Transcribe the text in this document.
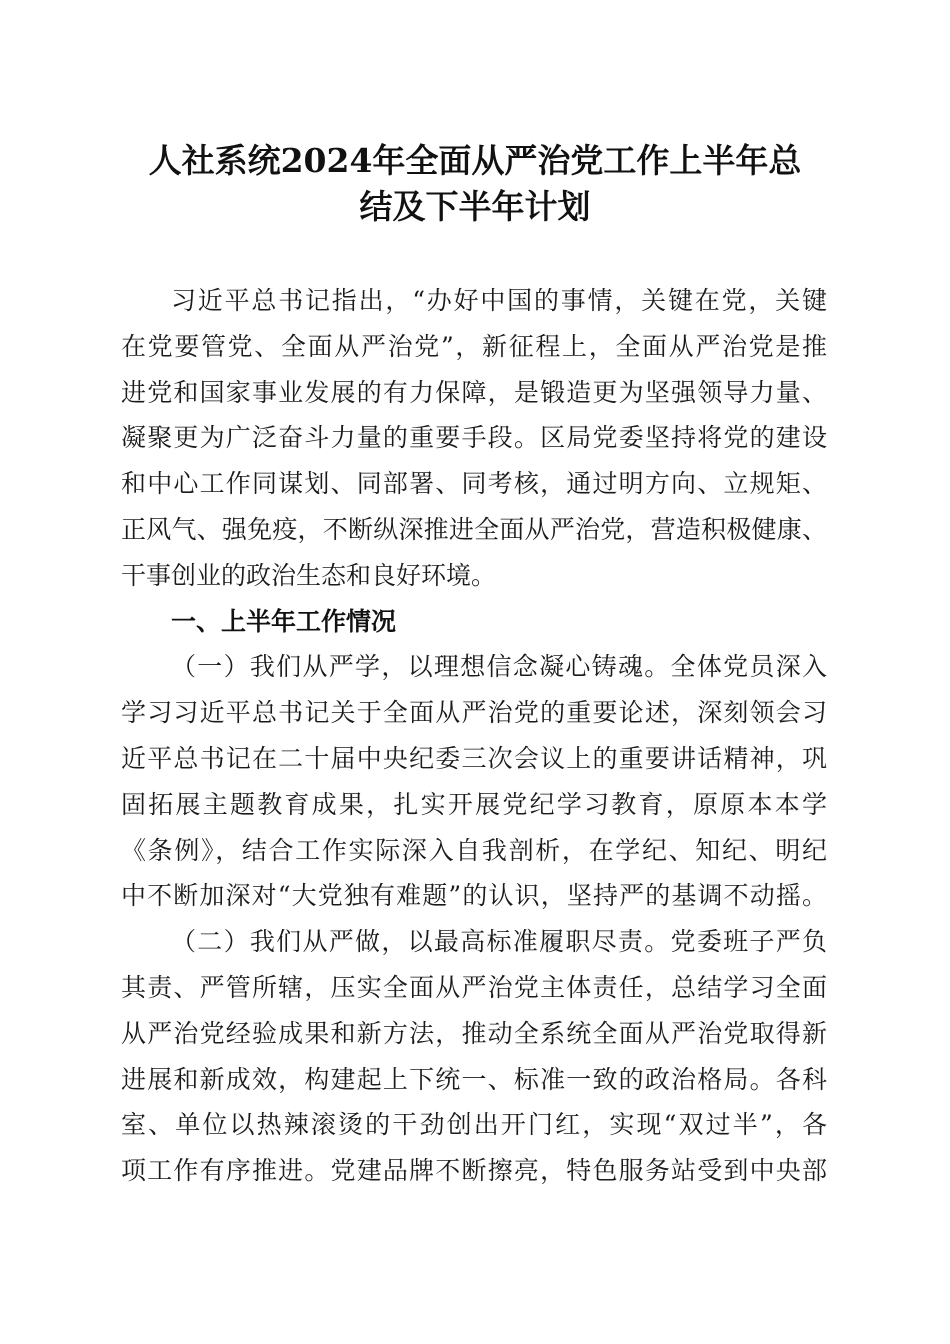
人社系统2024年全面从严治党工作上半年总
结及下半年计划
习近平总书记指出，“办好中国的事情，关键在党，关键
在党要管党、全面从严治党”，新征程上，全面从严治党是推
进党和国家事业发展的有力保障，是锻造更为坚强领导力量、
凝聚更为广泛奋斗力量的重要手段。区局党委坚持将党的建设
和中心工作同谋划、同部署、同考核，通过明方向、立规矩、
正风气、强免疫，不断纵深推进全面从严治党，营造积极健康、
干事创业的政治生态和良好环境。
一、上半年工作情况
（一）我们从严学，以理想信念凝心铸魂。全体党员深入
学习习近平总书记关于全面从严治党的重要论述，深刻领会习
近平总书记在二十届中央纪委三次会议上的重要讲话精神，巩
固拓展主题教育成果，扎实开展党纪学习教育，原原本本学
《条例》，结合工作实际深入自我剖析，在学纪、知纪、明纪
中不断加深对“大党独有难题”的认识，坚持严的基调不动摇。
（二）我们从严做，以最高标准履职尽责。党委班子严负
其责、严管所辖，压实全面从严治党主体责任，总结学习全面
从严治党经验成果和新方法，推动全系统全面从严治党取得新
进展和新成效，构建起上下统一、标准一致的政治格局。各科
室、单位以热辣滚烫的干劲创出开门红，实现“双过半”，各
项工作有序推进。党建品牌不断擦亮，特色服务站受到中央部
